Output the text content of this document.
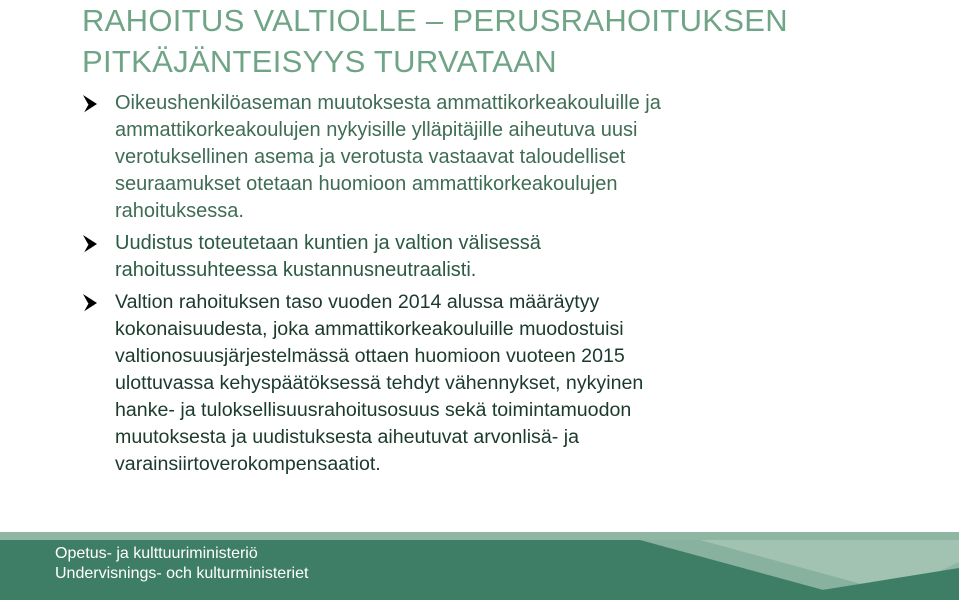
RAHOITUS VALTIOLLE – PERUSRAHOITUKSEN
PITKÄJÄNTEISYYS TURVATAAN
Oikeushenkilöaseman muutoksesta ammattikorkeakouluille ja
ammattikorkeakoulujen nykyisille ylläpitäjille aiheutuva uusi
verotuksellinen asema ja verotusta vastaavat taloudelliset
seuraamukset otetaan huomioon ammattikorkeakoulujen
rahoituksessa.
Uudistus toteutetaan kuntien ja valtion välisessä
rahoitussuhteessa kustannusneutraalisti.
Valtion rahoituksen taso vuoden 2014 alussa määräytyy
kokonaisuudesta, joka ammattikorkeakouluille muodostuisi
valtionosuusjärjestelmässä ottaen huomioon vuoteen 2015
ulottuvassa kehyspäätöksessä tehdyt vähennykset, nykyinen
hanke- ja tuloksellisuusrahoitusosuus sekä toimintamuodon
muutoksesta ja uudistuksesta aiheutuvat arvonlisä- ja
varainsiirtoverokompensaatiot.
Opetus- ja kulttuuriministeriö
Undervisnings- och kulturministeriet
